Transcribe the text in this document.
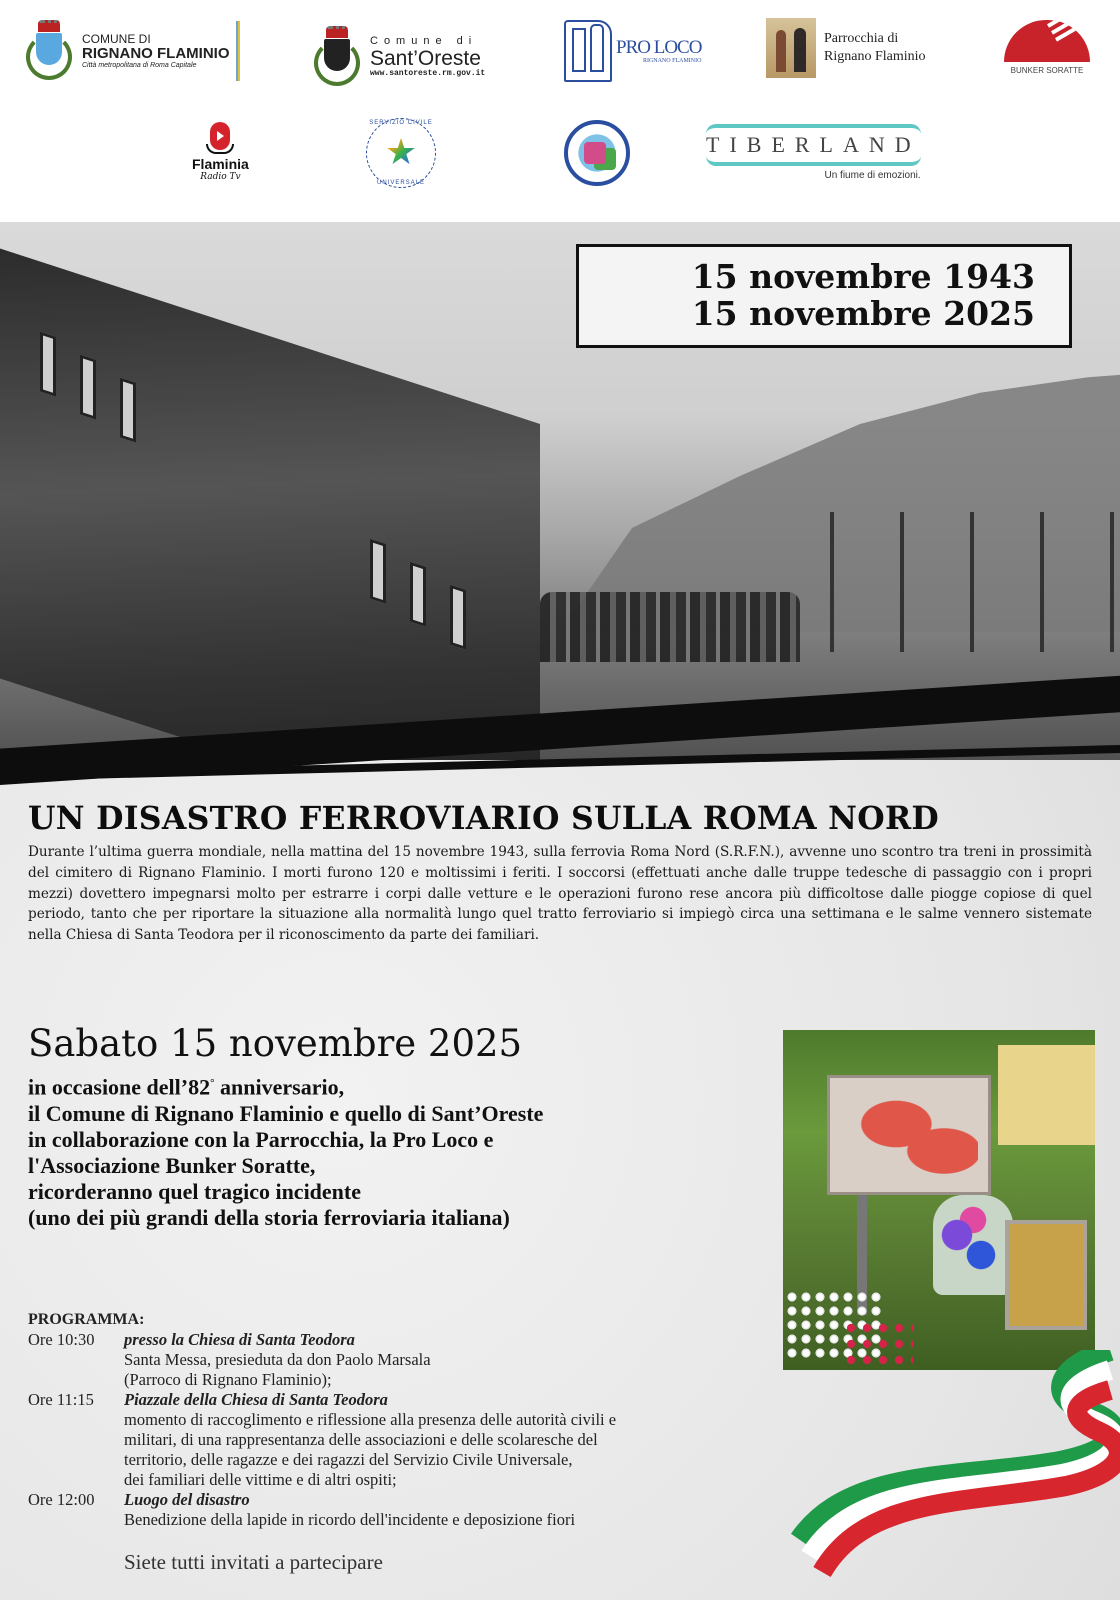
COMUNE DI
RIGNANO FLAMINIO
Città metropolitana di Roma Capitale
Comune di
Sant’Oreste
www.santoreste.rm.gov.it
PRO LOCO
RIGNANO FLAMINIO
Parrocchia di
Rignano Flaminio
BUNKER SORATTE
Flaminia
Radio Tv
★
SERVIZIO CIVILE
UNIVERSALE
TIBERLAND
Un fiume di emozioni.
15 novembre 1943
15 novembre 2025
UN DISASTRO FERROVIARIO SULLA ROMA NORD

Durante l’ultima guerra mondiale, nella mattina del 15 novembre 1943, sulla ferrovia Roma Nord (S.R.F.N.), avvenne uno scontro tra treni in prossimità del cimitero di Rignano Flaminio. I morti furono 120 e moltissimi i feriti. I soccorsi (effettuati anche dalle truppe tedesche di passaggio con i propri mezzi) dovettero impegnarsi molto per estrarre i corpi dalle vetture e le operazioni furono rese ancora più difficoltose dalle piogge copiose di quel periodo, tanto che per riportare la situazione alla normalità lungo quel tratto ferroviario si impiegò circa una settimana e le salme vennero sistemate nella Chiesa di Santa Teodora per il riconoscimento da parte dei familiari.

Sabato 15 novembre 2025
in occasione dell’82° anniversario,
il Comune di Rignano Flaminio e quello di Sant’Oreste
in collaborazione con la Parrocchia, la Pro Loco e
l'Associazione Bunker Soratte,
ricorderanno quel tragico incidente
(uno dei più grandi della storia ferroviaria italiana)
PROGRAMMA:
Ore 10:30	presso la Chiesa di Santa Teodora
Santa Messa, presieduta da don Paolo Marsala
(Parroco di Rignano Flaminio);
Ore 11:15	Piazzale della Chiesa di Santa Teodora
momento di raccoglimento e riflessione alla presenza delle autorità civili e
militari, di una rappresentanza delle associazioni e delle scolaresche del
territorio, delle ragazze e dei ragazzi del Servizio Civile Universale,
dei familiari delle vittime e di altri ospiti;
Ore 12:00	Luogo del disastro
Benedizione della lapide in ricordo dell'incidente e deposizione fiori
Siete tutti invitati a partecipare
